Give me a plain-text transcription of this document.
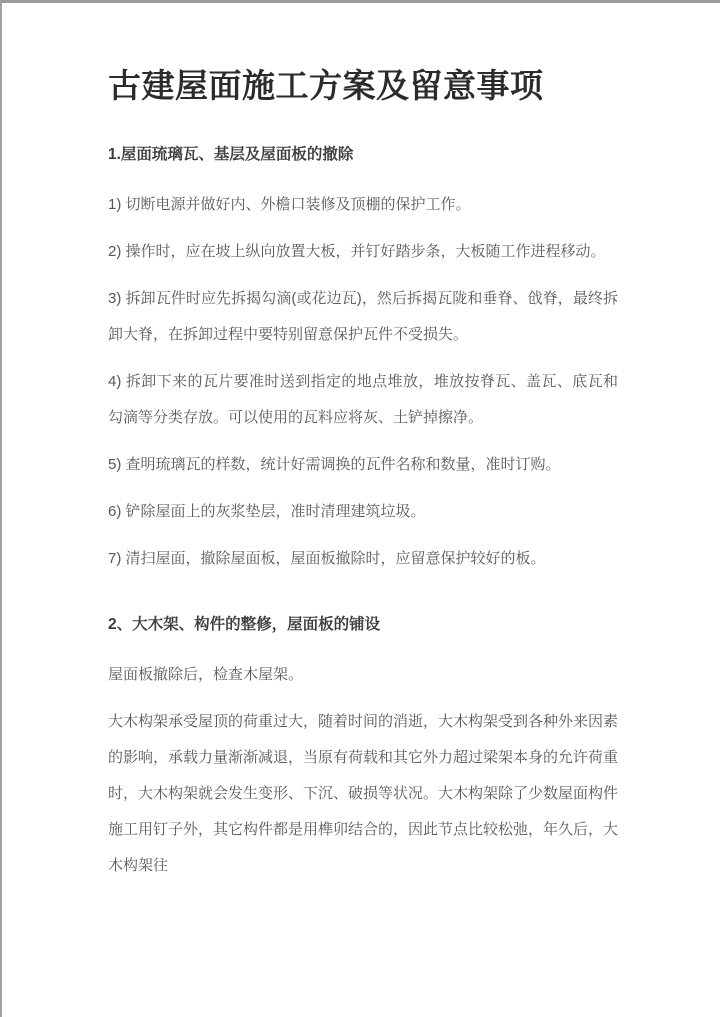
古建屋面施工方案及留意事项
1.屋面琉璃瓦、基层及屋面板的撤除

1) 切断电源并做好内、外檐口装修及顶棚的保护工作。

2) 操作时，应在坡上纵向放置大板，并钉好踏步条，大板随工作进程移动。

3) 拆卸瓦件时应先拆揭勾滴(或花边瓦)，然后拆揭瓦陇和垂脊、戗脊，最终拆卸大脊，在拆卸过程中要特别留意保护瓦件不受损失。

4) 拆卸下来的瓦片要准时送到指定的地点堆放，堆放按脊瓦、盖瓦、底瓦和勾滴等分类存放。可以使用的瓦料应将灰、土铲掉擦净。

5) 查明琉璃瓦的样数，统计好需调换的瓦件名称和数量，准时订购。

6) 铲除屋面上的灰浆垫层，准时清理建筑垃圾。

7) 清扫屋面，撤除屋面板，屋面板撤除时，应留意保护较好的板。

2、大木架、构件的整修，屋面板的铺设

屋面板撤除后，检查木屋架。

大木构架承受屋顶的荷重过大，随着时间的消逝，大木构架受到各种外来因素的影响，承载力量渐渐减退，当原有荷载和其它外力超过梁架本身的允许荷重时，大木构架就会发生变形、下沉、破损等状况。大木构架除了少数屋面构件施工用钉子外，其它构件都是用榫卯结合的，因此节点比较松弛，年久后，大木构架往
